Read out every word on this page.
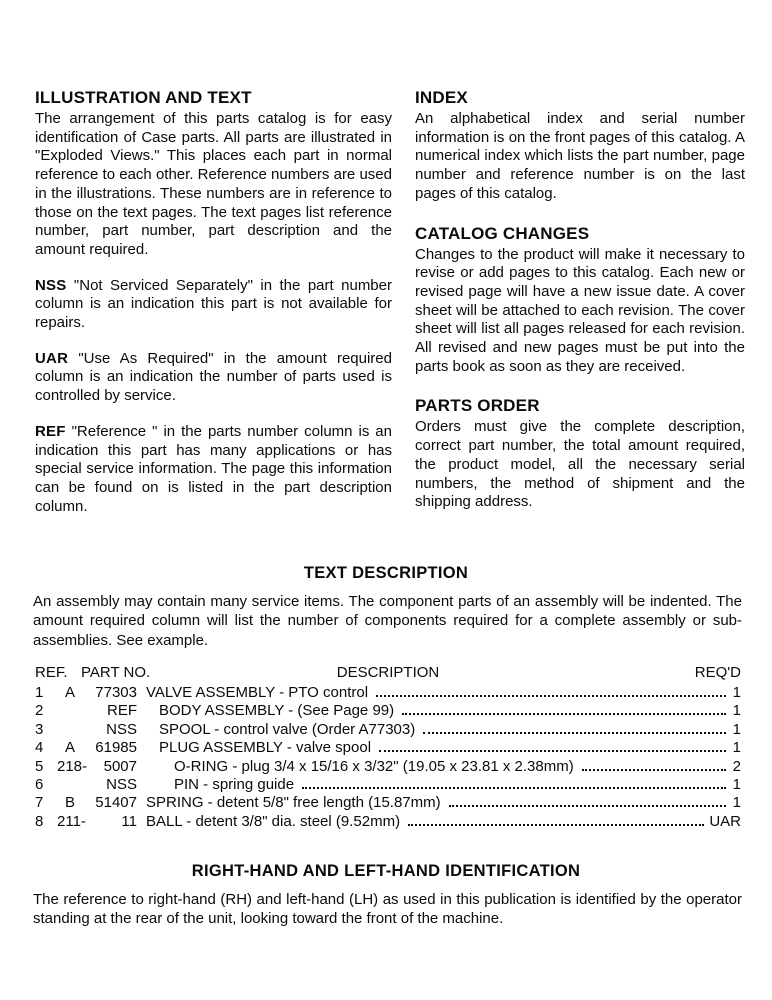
ILLUSTRATION AND TEXT

The arrangement of this parts catalog is for easy identification of Case parts. All parts are illustrated in "Exploded Views." This places each part in normal reference to each other. Reference numbers are used in the illustrations. These numbers are in reference to those on the text pages. The text pages list reference number, part number, part description and the amount required.

NSS "Not Serviced Separately" in the part number column is an indication this part is not available for repairs.

UAR "Use As Required" in the amount required column is an indication the number of parts used is controlled by service.

REF "Reference " in the parts number column is an indication this part has many applications or has special service information. The page this information can be found on is listed in the part description column.

INDEX

An alphabetical index and serial number information is on the front pages of this catalog. A numerical index which lists the part number, page number and reference number is on the last pages of this catalog.

CATALOG CHANGES

Changes to the product will make it necessary to revise or add pages to this catalog. Each new or revised page will have a new issue date. A cover sheet will be attached to each revision. The cover sheet will list all pages released for each revision. All revised and new pages must be put into the parts book as soon as they are received.

PARTS ORDER

Orders must give the complete description, correct part number, the total amount required, the product model, all the necessary serial numbers, the method of shipment and the shipping address.

TEXT DESCRIPTION

An assembly may contain many service items. The component parts of an assembly will be indented. The amount required column will list the number of components required for a complete assembly or sub-assemblies. See example.

REF. PART NO.	DESCRIPTION	REQ'D
1	A	77303 VALVE ASSEMBLY - PTO control	1
2	REF	BODY ASSEMBLY - (See Page 99)	1
3	NSS	SPOOL - control valve (Order A77303)	1
4	A	61985	PLUG ASSEMBLY - valve spool	1
5 218-	5007	O-RING - plug 3/4 x 15/16 x 3/32" (19.05 x 23.81 x 2.38mm)	2
6	NSS	PIN - spring guide	1
7	B	51407 SPRING - detent 5/8" free length (15.87mm)	1
8 211-	11 BALL - detent 3/8" dia. steel (9.52mm)	UAR
RIGHT-HAND AND LEFT-HAND IDENTIFICATION

The reference to right-hand (RH) and left-hand (LH) as used in this publication is identified by the operator standing at the rear of the unit, looking toward the front of the machine.
